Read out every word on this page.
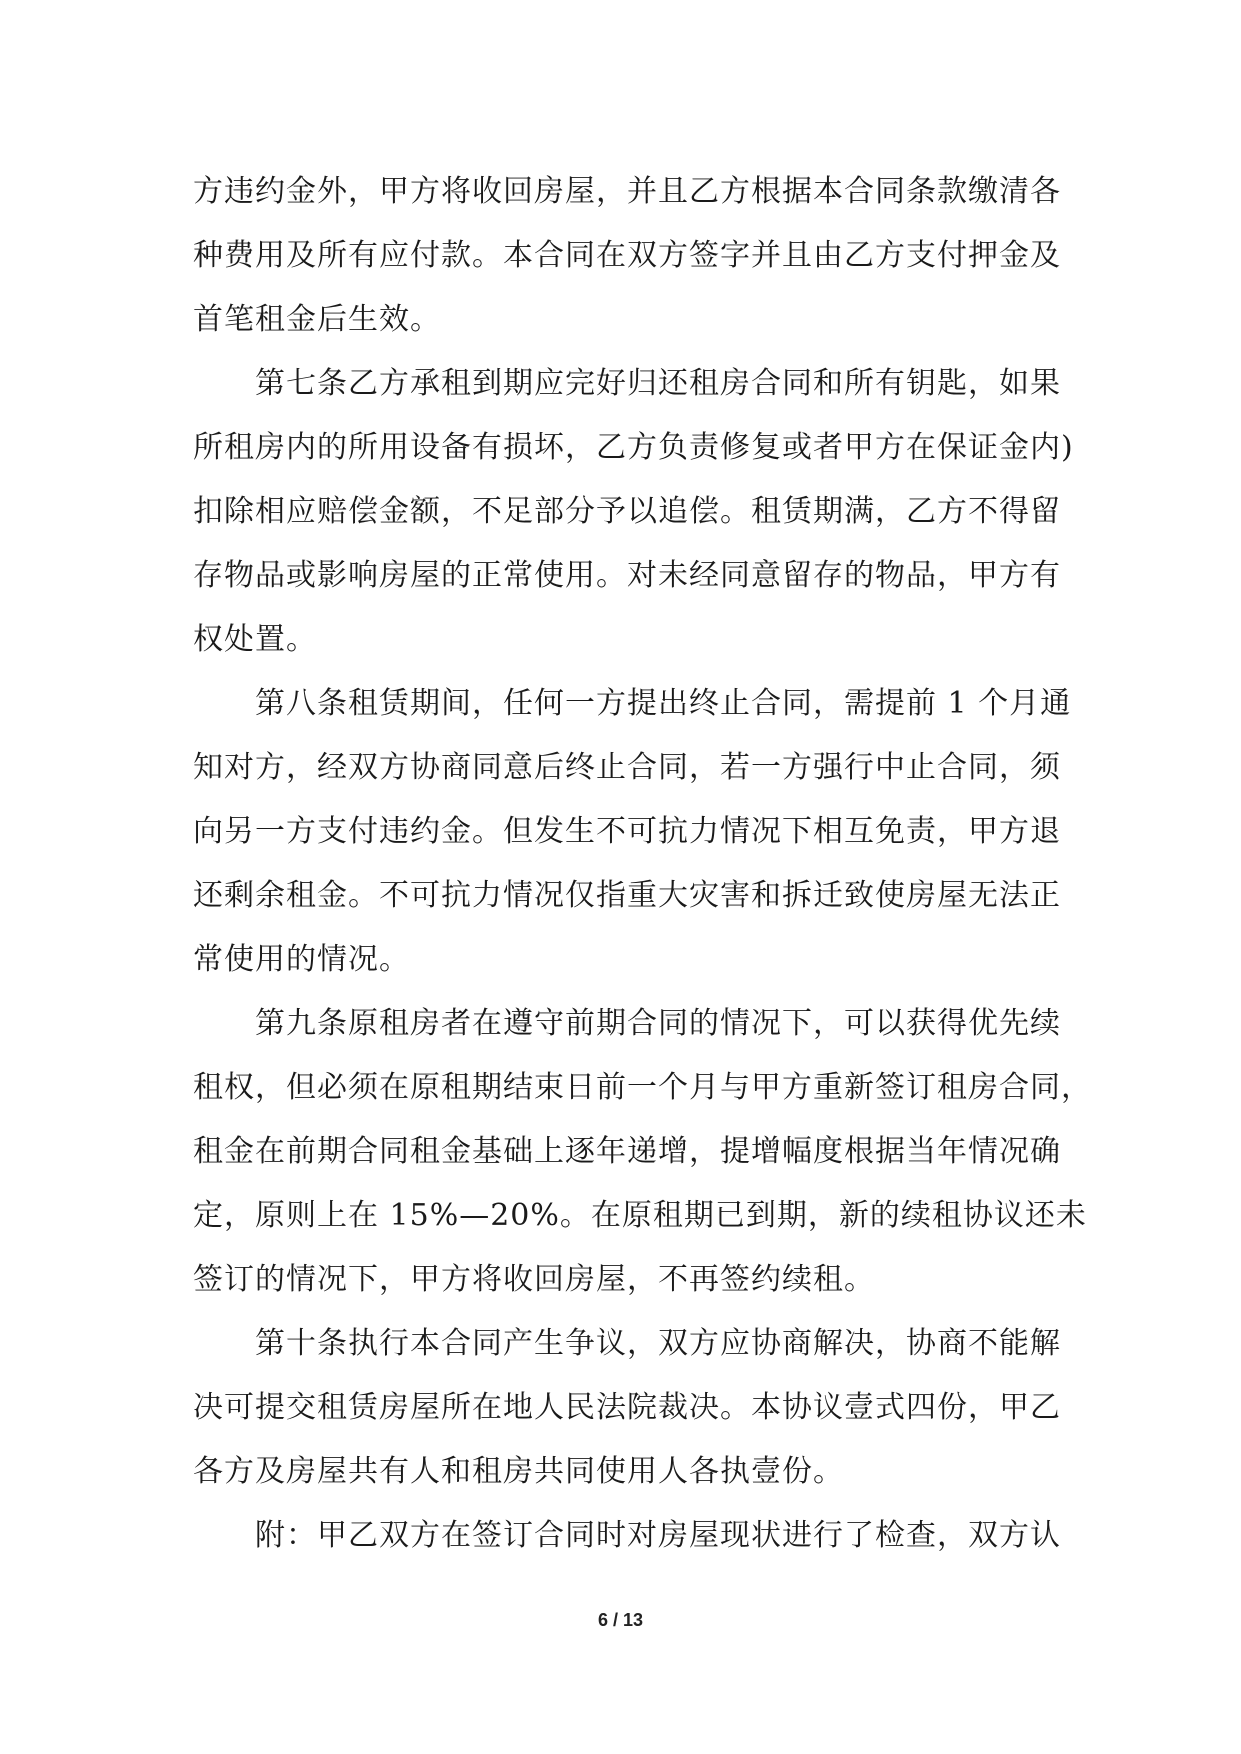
方违约金外，甲方将收回房屋，并且乙方根据本合同条款缴清各
种费用及所有应付款。本合同在双方签字并且由乙方支付押金及
首笔租金后生效。
　　第七条乙方承租到期应完好归还租房合同和所有钥匙，如果
所租房内的所用设备有损坏，乙方负责修复或者甲方在保证金内)
扣除相应赔偿金额，不足部分予以追偿。租赁期满，乙方不得留
存物品或影响房屋的正常使用。对未经同意留存的物品，甲方有
权处置。
　　第八条租赁期间，任何一方提出终止合同，需提前 1 个月通
知对方，经双方协商同意后终止合同，若一方强行中止合同，须
向另一方支付违约金。但发生不可抗力情况下相互免责，甲方退
还剩余租金。不可抗力情况仅指重大灾害和拆迁致使房屋无法正
常使用的情况。
　　第九条原租房者在遵守前期合同的情况下，可以获得优先续
租权，但必须在原租期结束日前一个月与甲方重新签订租房合同，
租金在前期合同租金基础上逐年递增，提增幅度根据当年情况确
定，原则上在 15%—20%。在原租期已到期，新的续租协议还未
签订的情况下，甲方将收回房屋，不再签约续租。
　　第十条执行本合同产生争议，双方应协商解决，协商不能解
决可提交租赁房屋所在地人民法院裁决。本协议壹式四份，甲乙
各方及房屋共有人和租房共同使用人各执壹份。
　　附：甲乙双方在签订合同时对房屋现状进行了检查，双方认
6 / 13
